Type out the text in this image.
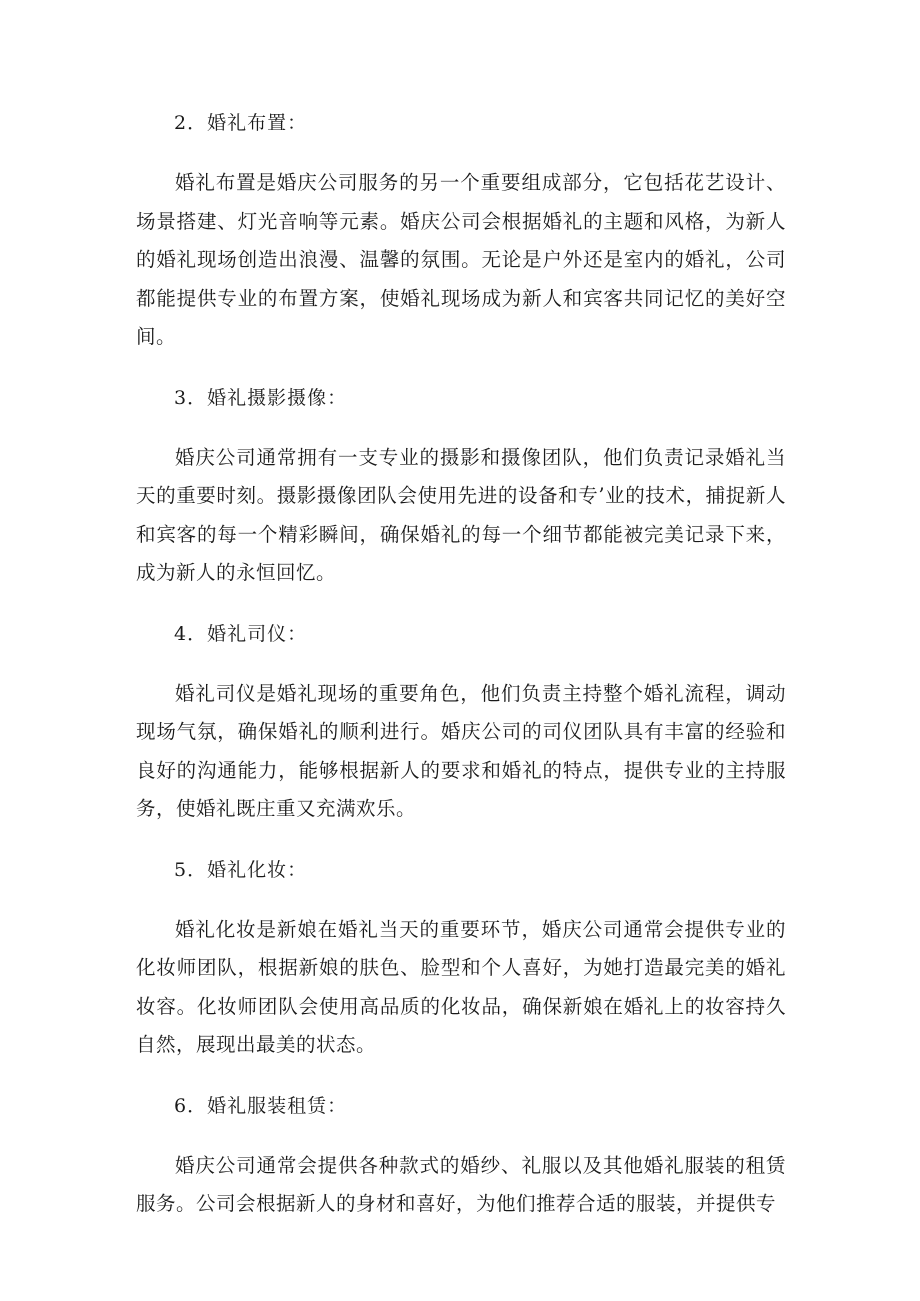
2．婚礼布置：

婚礼布置是婚庆公司服务的另一个重要组成部分，它包括花艺设计、场景搭建、灯光音响等元素。婚庆公司会根据婚礼的主题和风格，为新人的婚礼现场创造出浪漫、温馨的氛围。无论是户外还是室内的婚礼，公司都能提供专业的布置方案，使婚礼现场成为新人和宾客共同记忆的美好空间。

3．婚礼摄影摄像：

婚庆公司通常拥有一支专业的摄影和摄像团队，他们负责记录婚礼当天的重要时刻。摄影摄像团队会使用先进的设备和专’业的技术，捕捉新人和宾客的每一个精彩瞬间，确保婚礼的每一个细节都能被完美记录下来，成为新人的永恒回忆。

4．婚礼司仪：

婚礼司仪是婚礼现场的重要角色，他们负责主持整个婚礼流程，调动现场气氛，确保婚礼的顺利进行。婚庆公司的司仪团队具有丰富的经验和良好的沟通能力，能够根据新人的要求和婚礼的特点，提供专业的主持服务，使婚礼既庄重又充满欢乐。

5．婚礼化妆：

婚礼化妆是新娘在婚礼当天的重要环节，婚庆公司通常会提供专业的化妆师团队，根据新娘的肤色、脸型和个人喜好，为她打造最完美的婚礼妆容。化妆师团队会使用高品质的化妆品，确保新娘在婚礼上的妆容持久自然，展现出最美的状态。

6．婚礼服装租赁：

婚庆公司通常会提供各种款式的婚纱、礼服以及其他婚礼服装的租赁服务。公司会根据新人的身材和喜好，为他们推荐合适的服装，并提供专
